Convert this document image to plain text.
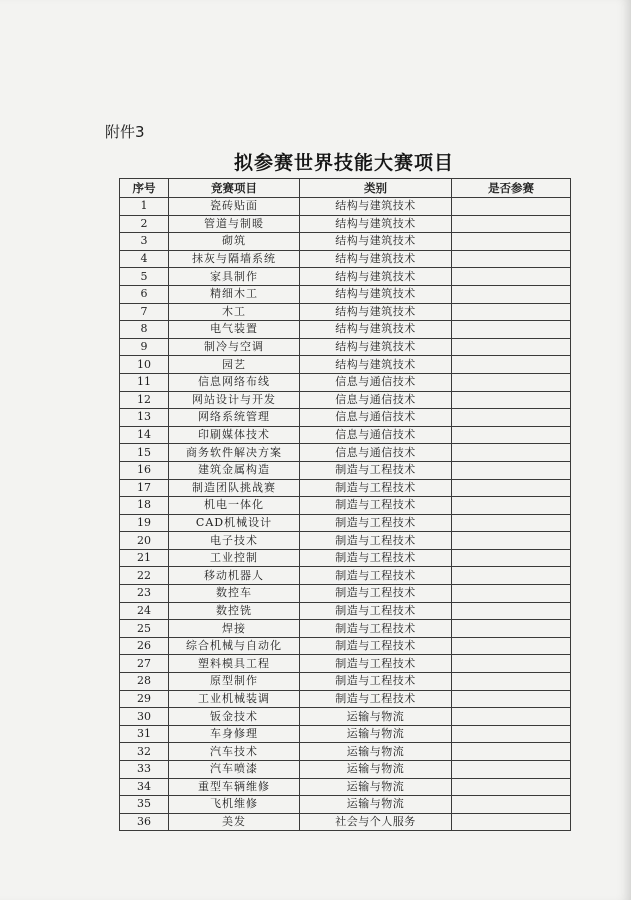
附件3
拟参赛世界技能大赛项目
序号	竞赛项目	类别	是否参赛
1	瓷砖贴面	结构与建筑技术	
2	管道与制暖	结构与建筑技术	
3	砌筑	结构与建筑技术	
4	抹灰与隔墙系统	结构与建筑技术	
5	家具制作	结构与建筑技术	
6	精细木工	结构与建筑技术	
7	木工	结构与建筑技术	
8	电气装置	结构与建筑技术	
9	制冷与空调	结构与建筑技术	
10	园艺	结构与建筑技术	
11	信息网络布线	信息与通信技术	
12	网站设计与开发	信息与通信技术	
13	网络系统管理	信息与通信技术	
14	印刷媒体技术	信息与通信技术	
15	商务软件解决方案	信息与通信技术	
16	建筑金属构造	制造与工程技术	
17	制造团队挑战赛	制造与工程技术	
18	机电一体化	制造与工程技术	
19	CAD机械设计	制造与工程技术	
20	电子技术	制造与工程技术	
21	工业控制	制造与工程技术	
22	移动机器人	制造与工程技术	
23	数控车	制造与工程技术	
24	数控铣	制造与工程技术	
25	焊接	制造与工程技术	
26	综合机械与自动化	制造与工程技术	
27	塑料模具工程	制造与工程技术	
28	原型制作	制造与工程技术	
29	工业机械装调	制造与工程技术	
30	钣金技术	运输与物流	
31	车身修理	运输与物流	
32	汽车技术	运输与物流	
33	汽车喷漆	运输与物流	
34	重型车辆维修	运输与物流	
35	飞机维修	运输与物流	
36	美发	社会与个人服务	
